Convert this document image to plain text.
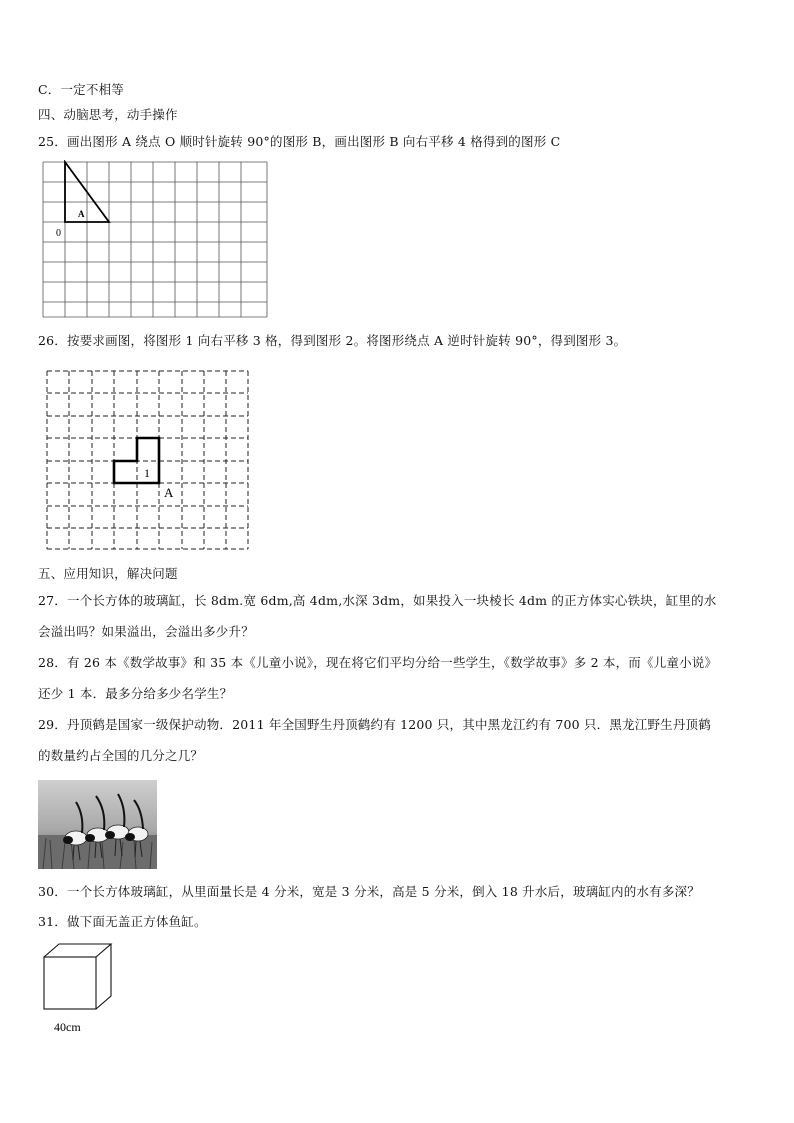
C．一定不相等
四、动脑思考，动手操作
25．画出图形 A 绕点 O 顺时针旋转 90°的图形 B，画出图形 B 向右平移 4 格得到的图形 C
A
0
26．按要求画图，将图形 1 向右平移 3 格，得到图形 2。将图形绕点 A 逆时针旋转 90°，得到图形 3。
1
A
五、应用知识，解决问题
27．一个长方体的玻璃缸，长 8dm.宽 6dm,高 4dm,水深 3dm，如果投入一块棱长 4dm 的正方体实心铁块，缸里的水
会溢出吗？如果溢出，会溢出多少升？
28．有 26 本《数学故事》和 35 本《儿童小说》，现在将它们平均分给一些学生，《数学故事》多 2 本，而《儿童小说》
还少 1 本．最多分给多少名学生？
29．丹顶鹤是国家一级保护动物．2011 年全国野生丹顶鹤约有 1200 只，其中黑龙江约有 700 只．黑龙江野生丹顶鹤
的数量约占全国的几分之几？
30．一个长方体玻璃缸，从里面量长是 4 分米，宽是 3 分米，高是 5 分米，倒入 18 升水后，玻璃缸内的水有多深？
31．做下面无盖正方体鱼缸。
40cm
